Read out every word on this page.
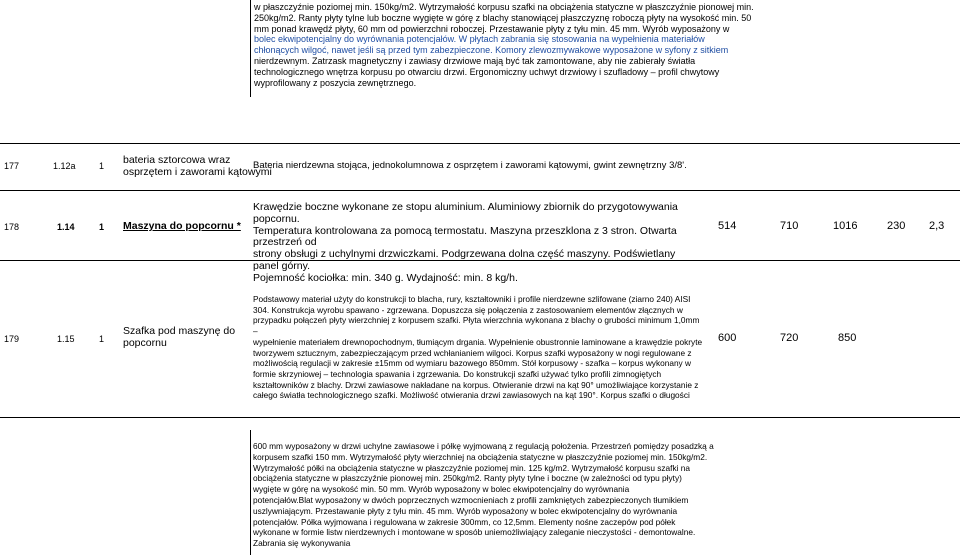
w płaszczyźnie poziomej min. 150kg/m2. Wytrzymałość korpusu szafki na obciążenia statyczne w płaszczyźnie pionowej min.
250kg/m2. Ranty płyty tylne lub boczne wygięte w górę z blachy stanowiącej płaszczyznę roboczą płyty na wysokość min. 50
mm ponad krawędź płyty, 60 mm od powierzchni roboczej. Przestawanie płyty z tyłu min. 45 mm. Wyrób wyposażony w
bolec ekwipotencjalny do wyrównania potencjałów. W płytach zabrania się stosowania na wypełnienia materiałów
chłonących wilgoć, nawet jeśli są przed tym zabezpieczone. Komory zlewozmywakowe wyposażone w syfony z sitkiem
nierdzewnym. Zatrzask magnetyczny i zawiasy drzwiowe mają być tak zamontowane, aby nie zabierały światła
technologicznego wnętrza korpusu po otwarciu drzwi. Ergonomiczny uchwyt drzwiowy i szufladowy – profil chwytowy
wyprofilowany z poszycia zewnętrznego.
177	1.12a	1 bateria sztorcowa wraz
osprzętem i zaworami kątowymi
Bateria nierdzewna stojąca, jednokolumnowa z osprzętem i zaworami kątowymi, gwint zewnętrzny 3/8'.
178	1.14	1 Maszyna do popcornu *
Krawędzie boczne wykonane ze stopu aluminium. Aluminiowy zbiornik do przygotowywania popcornu.
Temperatura kontrolowana za pomocą termostatu. Maszyna przeszklona z 3 stron. Otwarta przestrzeń od
strony obsługi z uchylnymi drzwiczkami. Podgrzewana dolna część maszyny. Podświetlany panel górny.
Pojemność kociołka: min. 340 g. Wydajność: min. 8 kg/h.
514	710	1016	230 2,3
179	1.15	1
Szafka pod maszynę do
popcornu
Podstawowy materiał użyty do konstrukcji to blacha, rury, kształtowniki i profile nierdzewne szlifowane (ziarno 240) AISI
304. Konstrukcja wyrobu spawano - zgrzewana. Dopuszcza się połączenia z zastosowaniem elementów złącznych w
przypadku połączeń płyty wierzchniej z korpusem szafki. Płyta wierzchnia wykonana z blachy o grubości minimum 1,0mm –
wypełnienie materiałem drewnopochodnym, tłumiącym drgania. Wypełnienie obustronnie laminowane a krawędzie pokryte
tworzywem sztucznym, zabezpieczającym przed wchłanianiem wilgoci. Korpus szafki wyposażony w nogi regulowane z
możliwością regulacji w zakresie ±15mm od wymiaru bazowego 850mm. Stół korpusowy - szafka – korpus wykonany w
formie skrzyniowej – technologia spawania i zgrzewania. Do konstrukcji szafki używać tylko profili zimnogiętych
kształtowników z blachy. Drzwi zawiasowe nakładane na korpus. Otwieranie drzwi na kąt 90° umożliwiające korzystanie z
całego światła technologicznego szafki. Możliwość otwierania drzwi zawiasowych na kąt 190°. Korpus szafki o długości
600	720	850
600 mm wyposażony w drzwi uchylne zawiasowe i półkę wyjmowaną z regulacją położenia. Przestrzeń pomiędzy posadzką a
korpusem szafki 150 mm. Wytrzymałość płyty wierzchniej na obciążenia statyczne w płaszczyźnie poziomej min. 150kg/m2.
Wytrzymałość półki na obciążenia statyczne w płaszczyźnie poziomej min. 125 kg/m2. Wytrzymałość korpusu szafki na
obciążenia statyczne w płaszczyźnie pionowej min. 250kg/m2. Ranty płyty tylne i boczne (w zależności od typu płyty)
wygięte w górę na wysokość min. 50 mm. Wyrób wyposażony w bolec ekwipotencjalny do wyrównania
potencjałów.Blat wyposażony w dwóch poprzecznych wzmocnieniach z profili zamkniętych zabezpieczonych tłumikiem
uszlywniającym. Przestawanie płyty z tyłu min. 45 mm. Wyrób wyposażony w bolec ekwipotencjalny do wyrównania
potencjałów. Półka wyjmowana i regulowana w zakresie 300mm, co 12,5mm. Elementy nośne zaczepów pod półek
wykonane w formie listw nierdzewnych i montowane w sposób uniemożliwiający zaleganie nieczystości - demontowalne.
Zabrania się wykonywania
